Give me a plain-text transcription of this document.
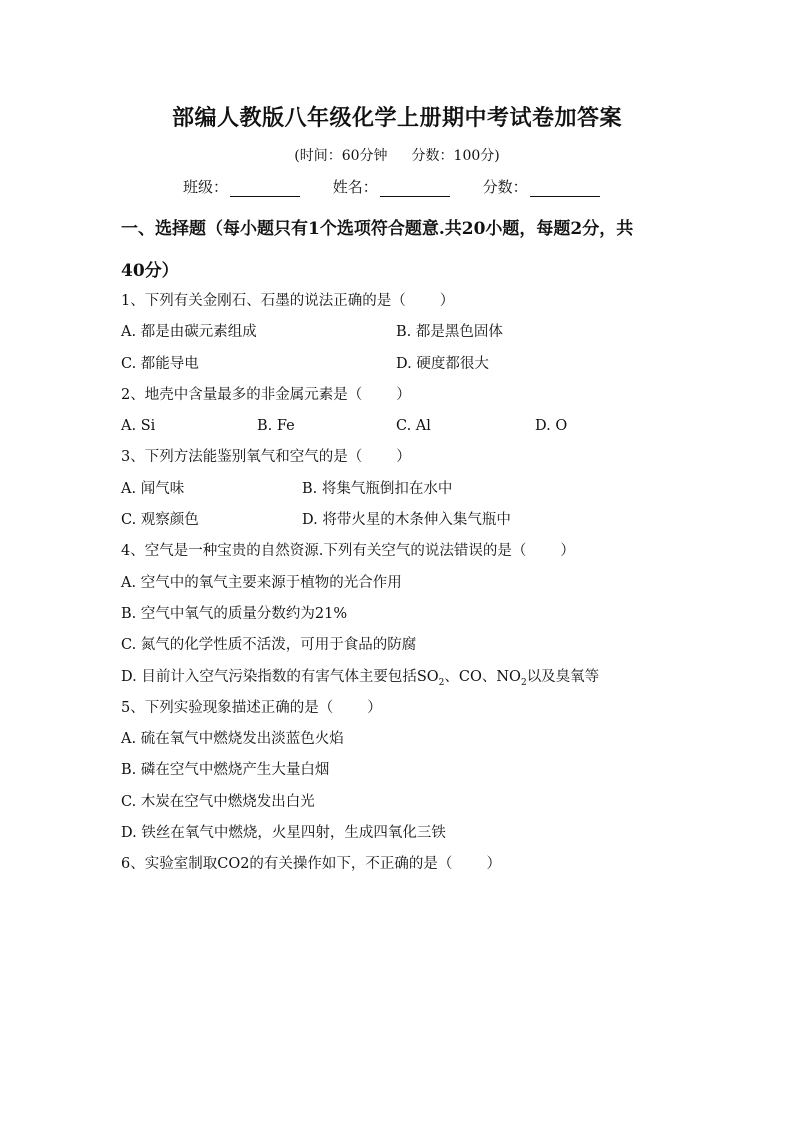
部编人教版八年级化学上册期中考试卷加答案
(时间：60分钟 分数：100分)
班级：	姓名：	分数：
一、选择题（每小题只有1个选项符合题意.共20小题，每题2分，共
40分）
1、下列有关金刚石、石墨的说法正确的是（ ）
A. 都是由碳元素组成	B. 都是黑色固体
C. 都能导电	D. 硬度都很大
2、地壳中含量最多的非金属元素是（ ）
A. Si	B. Fe	C. Al	D. O
3、下列方法能鉴别氧气和空气的是（ ）
A. 闻气味	B. 将集气瓶倒扣在水中
C. 观察颜色	D. 将带火星的木条伸入集气瓶中
4、空气是一种宝贵的自然资源.下列有关空气的说法错误的是（ ）
A. 空气中的氧气主要来源于植物的光合作用
B. 空气中氧气的质量分数约为21%
C. 氮气的化学性质不活泼，可用于食品的防腐
D. 目前计入空气污染指数的有害气体主要包括$SO_2$、CO、$NO_2$以及臭氧等
5、下列实验现象描述正确的是（ ）
A. 硫在氧气中燃烧发出淡蓝色火焰
B. 磷在空气中燃烧产生大量白烟
C. 木炭在空气中燃烧发出白光
D. 铁丝在氧气中燃烧，火星四射，生成四氧化三铁
6、实验室制取CO2的有关操作如下，不正确的是（ ）
